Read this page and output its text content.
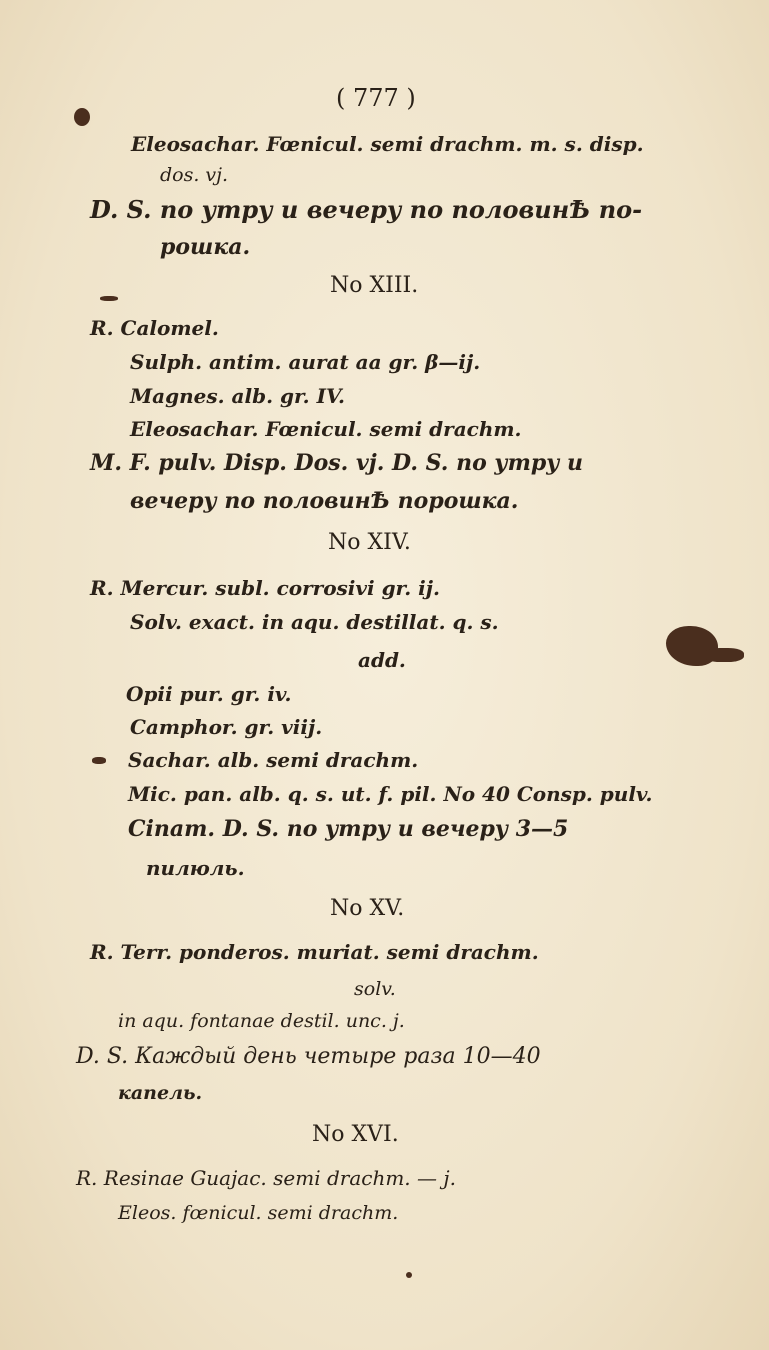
( 777 )
Eleosachar. Fœnicul. semi drachm. m. s. disp.
dos. vj.
D. S. по утру и вечеру по половинѢ по-
рошка.
No XIII.
R. Calomel.
Sulph. antim. aurat aa gr. β—ij.
Magnes. alb. gr. IV.
Eleosachar. Fœnicul. semi drachm.
M. F. pulv. Disp. Dos. vj. D. S. по утру и
вечеру по половинѢ порошка.
No XIV.
R. Mercur. subl. corrosivi gr. ij.
Solv. exact. in aqu. destillat. q. s.
add.
Opii pur. gr. iv.
Camphor. gr. viij.
Sachar. alb. semi drachm.
Mic. pan. alb. q. s. ut. f. pil. No 40 Consp. pulv.
Cinam. D. S. по утру и вечеру 3—5
пилюль.
No XV.
R. Terr. ponderos. muriat. semi drachm.
solv.
in aqu. fontanae destil. unc. j.
D. S. Каждый день четыре раза 10—40
капель.
No XVI.
R. Resinae Guajac. semi drachm. — j.
Eleos. fœnicul. semi drachm.
